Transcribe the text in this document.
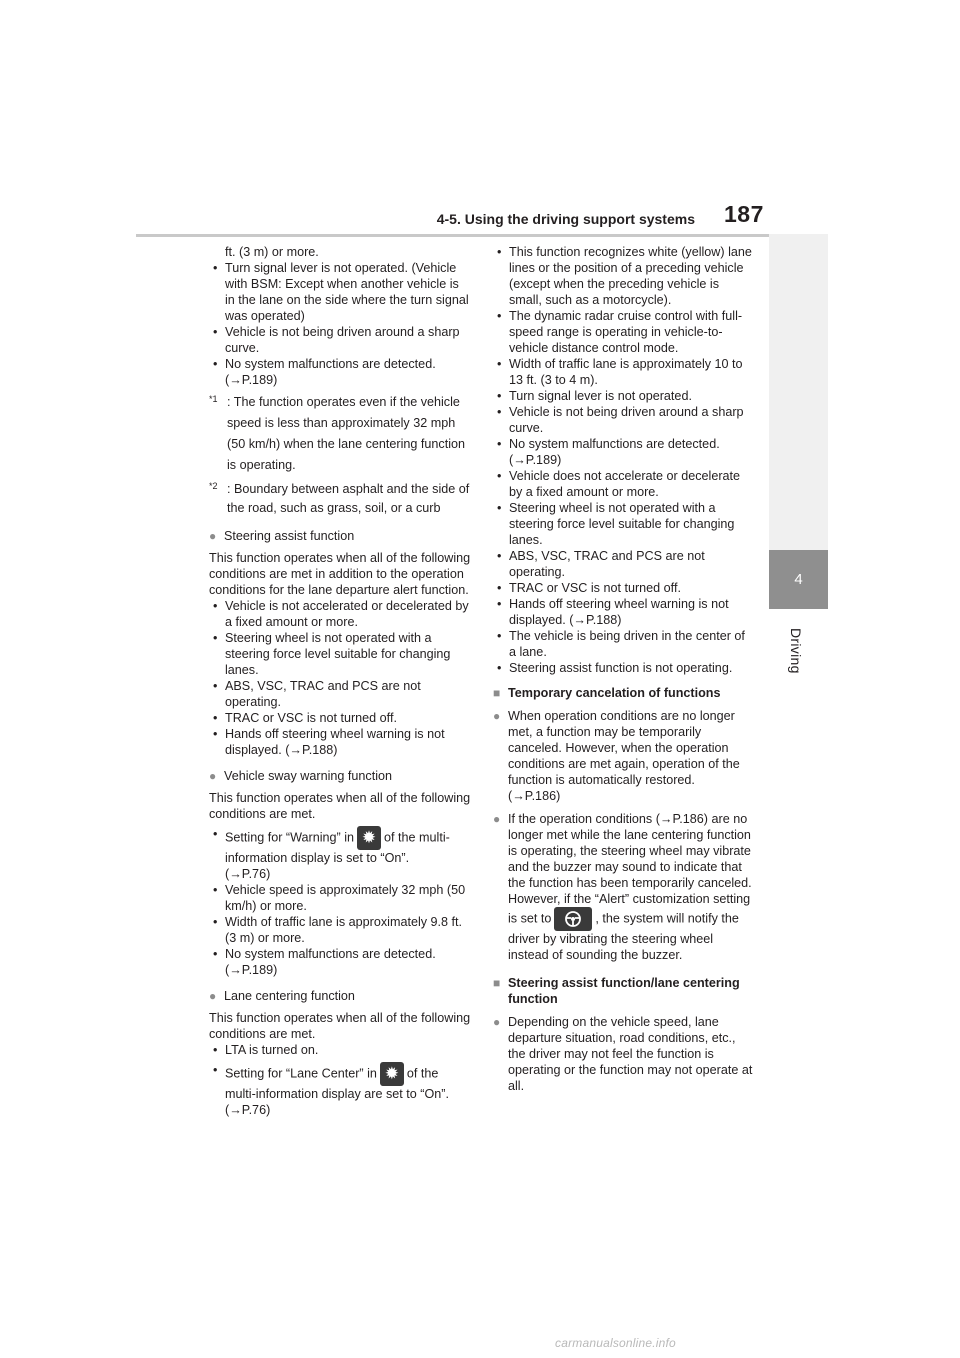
4-5. Using the driving support systems 187
4
Driving

ft. (3 m) or more.

• Turn signal lever is not operated. (Vehicle with BSM: Except when another vehicle is in the lane on the side where the turn signal was operated)

• Vehicle is not being driven around a sharp curve.

• No system malfunctions are detected.
(→P.189)

*1 : The function operates even if the vehicle speed is less than approximately 32 mph (50 km/h) when the lane centering function is operating.

*2 : Boundary between asphalt and the side of the road, such as grass, soil, or a curb

● Steering assist function

This function operates when all of the following conditions are met in addition to the operation conditions for the lane departure alert function.

• Vehicle is not accelerated or decelerated by a fixed amount or more.

• Steering wheel is not operated with a steering force level suitable for changing lanes.

• ABS, VSC, TRAC and PCS are not operating.

• TRAC or VSC is not turned off.

• Hands off steering wheel warning is not displayed. (→P.188)

● Vehicle sway warning function

This function operates when all of the following conditions are met.

• Setting for “Warning” in ✹ of the multi-information display is set to “On”.
(→P.76)

• Vehicle speed is approximately 32 mph (50 km/h) or more.

• Width of traffic lane is approximately 9.8 ft. (3 m) or more.

• No system malfunctions are detected.
(→P.189)

● Lane centering function

This function operates when all of the following conditions are met.

• LTA is turned on.

• Setting for “Lane Center” in ✹ of the multi-information display are set to “On”.
(→P.76)

• This function recognizes white (yellow) lane lines or the position of a preceding vehicle (except when the preceding vehicle is small, such as a motorcycle).

• The dynamic radar cruise control with full-speed range is operating in vehicle-to-vehicle distance control mode.

• Width of traffic lane is approximately 10 to 13 ft. (3 to 4 m).

• Turn signal lever is not operated.

• Vehicle is not being driven around a sharp curve.

• No system malfunctions are detected.
(→P.189)

• Vehicle does not accelerate or decelerate by a fixed amount or more.

• Steering wheel is not operated with a steering force level suitable for changing lanes.

• ABS, VSC, TRAC and PCS are not operating.

• TRAC or VSC is not turned off.

• Hands off steering wheel warning is not displayed. (→P.188)

• The vehicle is being driven in the center of a lane.

• Steering assist function is not operating.

■ Temporary cancelation of functions

● When operation conditions are no longer met, a function may be temporarily canceled. However, when the operation conditions are met again, operation of the function is automatically restored.
(→P.186)

● If the operation conditions (→P.186) are no longer met while the lane centering function is operating, the steering wheel may vibrate and the buzzer may sound to indicate that the function has been temporarily canceled. However, if the “Alert” customization setting is set to	, the system will notify the driver by vibrating the steering wheel instead of sounding the buzzer.

■ Steering assist function/lane centering function

● Depending on the vehicle speed, lane departure situation, road conditions, etc., the driver may not feel the function is operating or the function may not operate at all.

carmanualsonline.info
